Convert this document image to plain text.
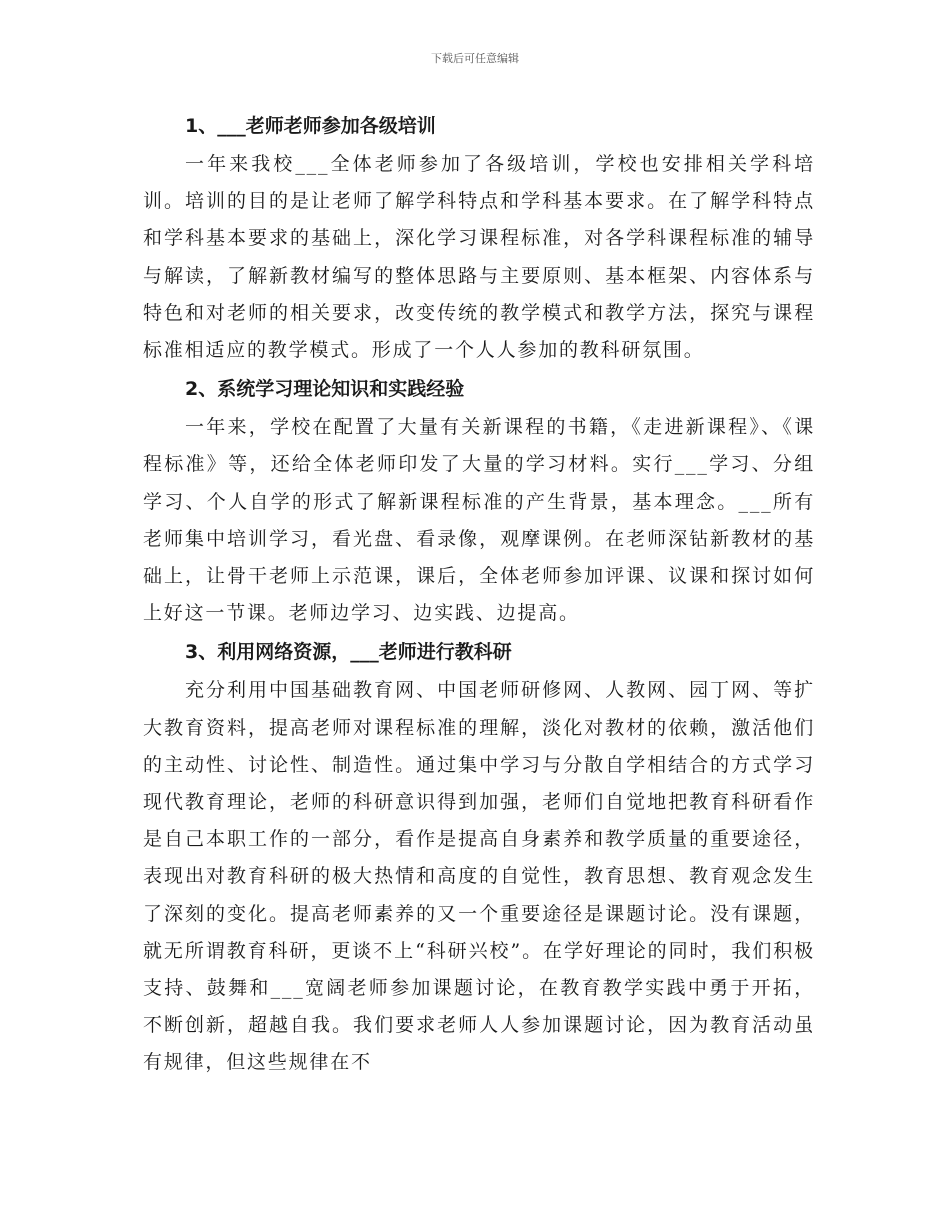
下载后可任意编辑
1、___老师老师参加各级培训

一年来我校___全体老师参加了各级培训，学校也安排相关学科培训。培训的目的是让老师了解学科特点和学科基本要求。在了解学科特点和学科基本要求的基础上，深化学习课程标准，对各学科课程标准的辅导与解读，了解新教材编写的整体思路与主要原则、基本框架、内容体系与特色和对老师的相关要求，改变传统的教学模式和教学方法，探究与课程标准相适应的教学模式。形成了一个人人参加的教科研氛围。

2、系统学习理论知识和实践经验

一年来，学校在配置了大量有关新课程的书籍，《走进新课程》、《课程标准》等，还给全体老师印发了大量的学习材料。实行___学习、分组学习、个人自学的形式了解新课程标准的产生背景，基本理念。___所有老师集中培训学习，看光盘、看录像，观摩课例。在老师深钻新教材的基础上，让骨干老师上示范课，课后，全体老师参加评课、议课和探讨如何上好这一节课。老师边学习、边实践、边提高。

3、利用网络资源，___老师进行教科研

充分利用中国基础教育网、中国老师研修网、人教网、园丁网、等扩大教育资料，提高老师对课程标准的理解，淡化对教材的依赖，激活他们的主动性、讨论性、制造性。通过集中学习与分散自学相结合的方式学习现代教育理论，老师的科研意识得到加强，老师们自觉地把教育科研看作是自己本职工作的一部分，看作是提高自身素养和教学质量的重要途径，表现出对教育科研的极大热情和高度的自觉性，教育思想、教育观念发生了深刻的变化。提高老师素养的又一个重要途径是课题讨论。没有课题，就无所谓教育科研，更谈不上“科研兴校”。在学好理论的同时，我们积极支持、鼓舞和___宽阔老师参加课题讨论，在教育教学实践中勇于开拓，不断创新，超越自我。我们要求老师人人参加课题讨论，因为教育活动虽有规律，但这些规律在不
